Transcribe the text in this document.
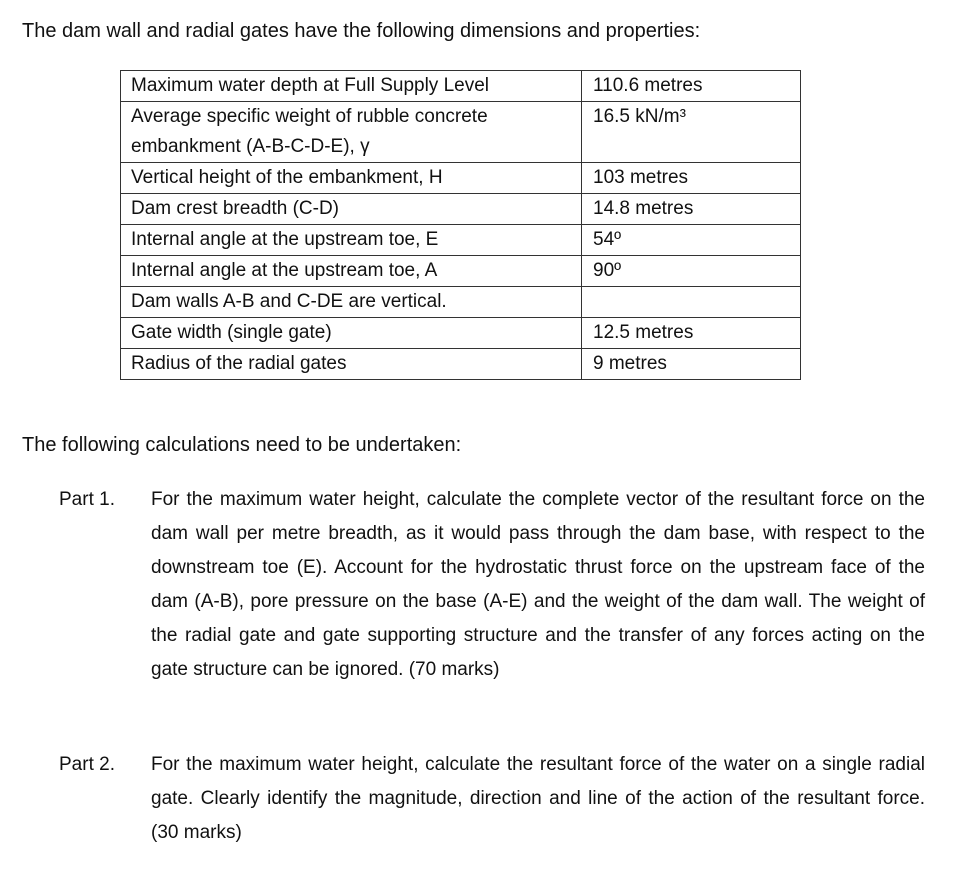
The dam wall and radial gates have the following dimensions and properties:

Maximum water depth at Full Supply Level	110.6 metres
Average specific weight of rubble concrete embankment (A-B-C-D-E), γ	16.5 kN/m³
Vertical height of the embankment, H	103 metres
Dam crest breadth (C-D)	14.8 metres
Internal angle at the upstream toe, E	54º
Internal angle at the upstream toe, A	90º
Dam walls A-B and C-DE are vertical.	
Gate width (single gate)	12.5 metres
Radius of the radial gates	9 metres

The following calculations need to be undertaken:

Part 1. For the maximum water height, calculate the complete vector of the resultant force on the dam wall per metre breadth, as it would pass through the dam base, with respect to the downstream toe (E). Account for the hydrostatic thrust force on the upstream face of the dam (A-B), pore pressure on the base (A-E) and the weight of the dam wall. The weight of the radial gate and gate supporting structure and the transfer of any forces acting on the gate structure can be ignored. (70 marks)

Part 2. For the maximum water height, calculate the resultant force of the water on a single radial gate. Clearly identify the magnitude, direction and line of the action of the resultant force. (30 marks)
